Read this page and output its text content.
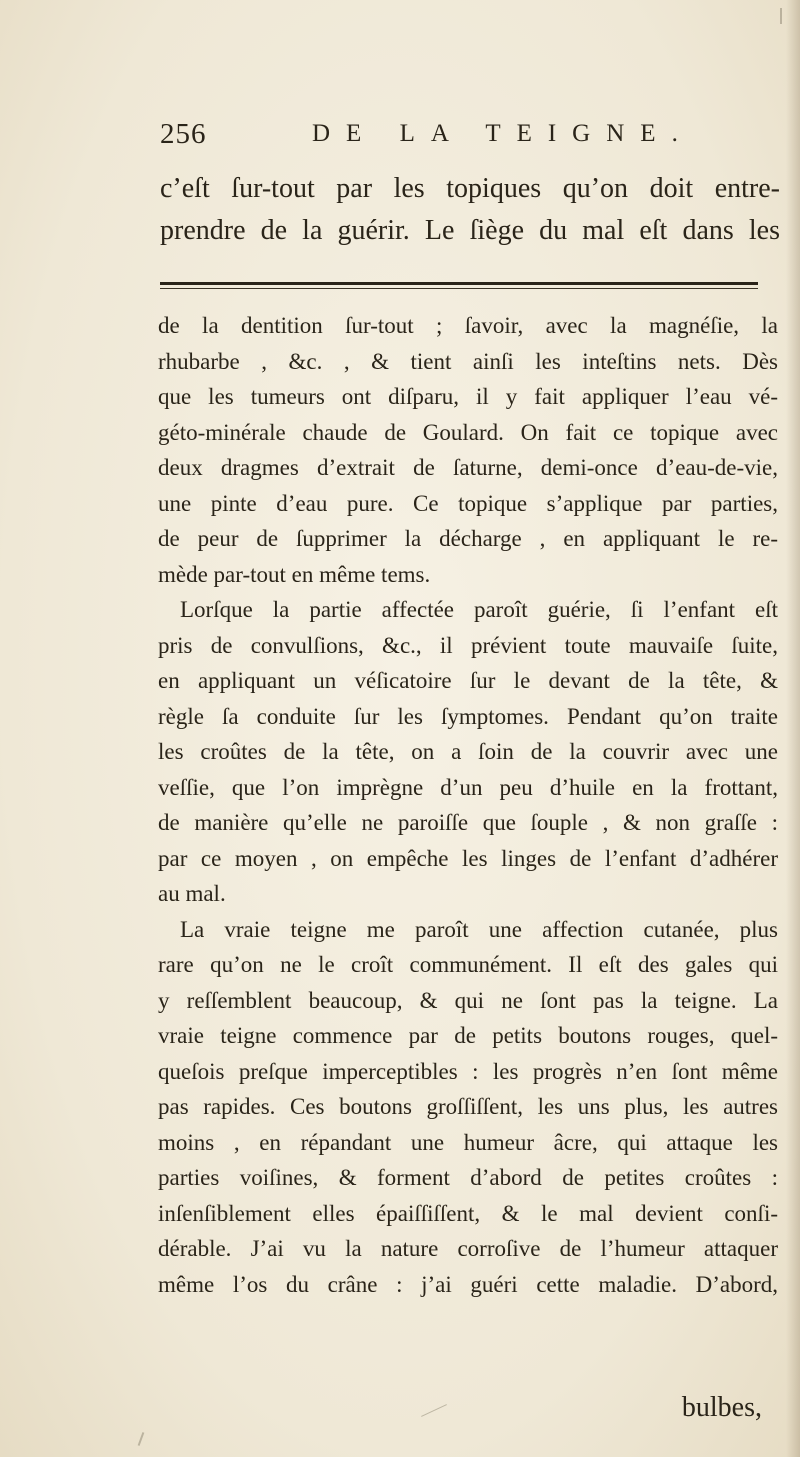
256	DE LA TEIGNE.
c’eſt ſur-tout par les topiques qu’on doit entre-
prendre de la guérir. Le ſiège du mal eſt dans les
de la dentition ſur-tout ; ſavoir, avec la magnéſie, la
rhubarbe , &c. , & tient ainſi les inteſtins nets. Dès
que les tumeurs ont diſparu, il y fait appliquer l’eau vé-
géto-minérale chaude de Goulard. On fait ce topique avec
deux dragmes d’extrait de ſaturne, demi-once d’eau-de-vie,
une pinte d’eau pure. Ce topique s’applique par parties,
de peur de ſupprimer la décharge , en appliquant le re-
mède par-tout en même tems.
Lorſque la partie affectée paroît guérie, ſi l’enfant eſt
pris de convulſions, &c., il prévient toute mauvaiſe ſuite,
en appliquant un véſicatoire ſur le devant de la tête, &
règle ſa conduite ſur les ſymptomes. Pendant qu’on traite
les croûtes de la tête, on a ſoin de la couvrir avec une
veſſie, que l’on imprègne d’un peu d’huile en la frottant,
de manière qu’elle ne paroiſſe que ſouple , & non graſſe :
par ce moyen , on empêche les linges de l’enfant d’adhérer
au mal.
La vraie teigne me paroît une affection cutanée, plus
rare qu’on ne le croît communément. Il eſt des gales qui
y reſſemblent beaucoup, & qui ne ſont pas la teigne. La
vraie teigne commence par de petits boutons rouges, quel-
queſois preſque imperceptibles : les progrès n’en ſont même
pas rapides. Ces boutons groſſiſſent, les uns plus, les autres
moins , en répandant une humeur âcre, qui attaque les
parties voiſines, & forment d’abord de petites croûtes :
inſenſiblement elles épaiſſiſſent, & le mal devient conſi-
dérable. J’ai vu la nature corroſive de l’humeur attaquer
même l’os du crâne : j’ai guéri cette maladie. D’abord,
bulbes,
